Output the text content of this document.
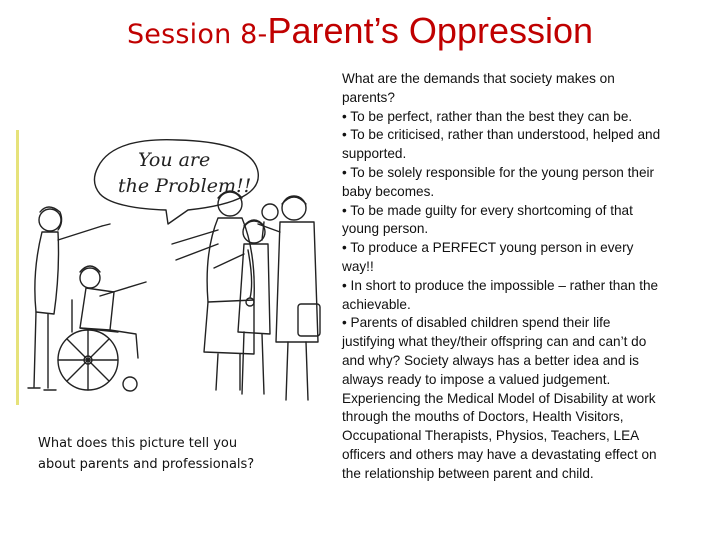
Session 8-Parent’s Oppression
You are
the Problem!!
What does this picture tell you
about parents and professionals?
What are the demands that society makes on
parents?
• To be perfect, rather than the best they can be.
• To be criticised, rather than understood, helped and
supported.
• To be solely responsible for the young person their
baby becomes.
• To be made guilty for every shortcoming of that
young person.
• To produce a PERFECT young person in every
way!!
• In short to produce the impossible – rather than the
achievable.
• Parents of disabled children spend their life
justifying what they/their offspring can and can’t do
and why? Society always has a better idea and is
always ready to impose a valued judgement.
Experiencing the Medical Model of Disability at work
through the mouths of Doctors, Health Visitors,
Occupational Therapists, Physios, Teachers, LEA
officers and others may have a devastating effect on
the relationship between parent and child.
